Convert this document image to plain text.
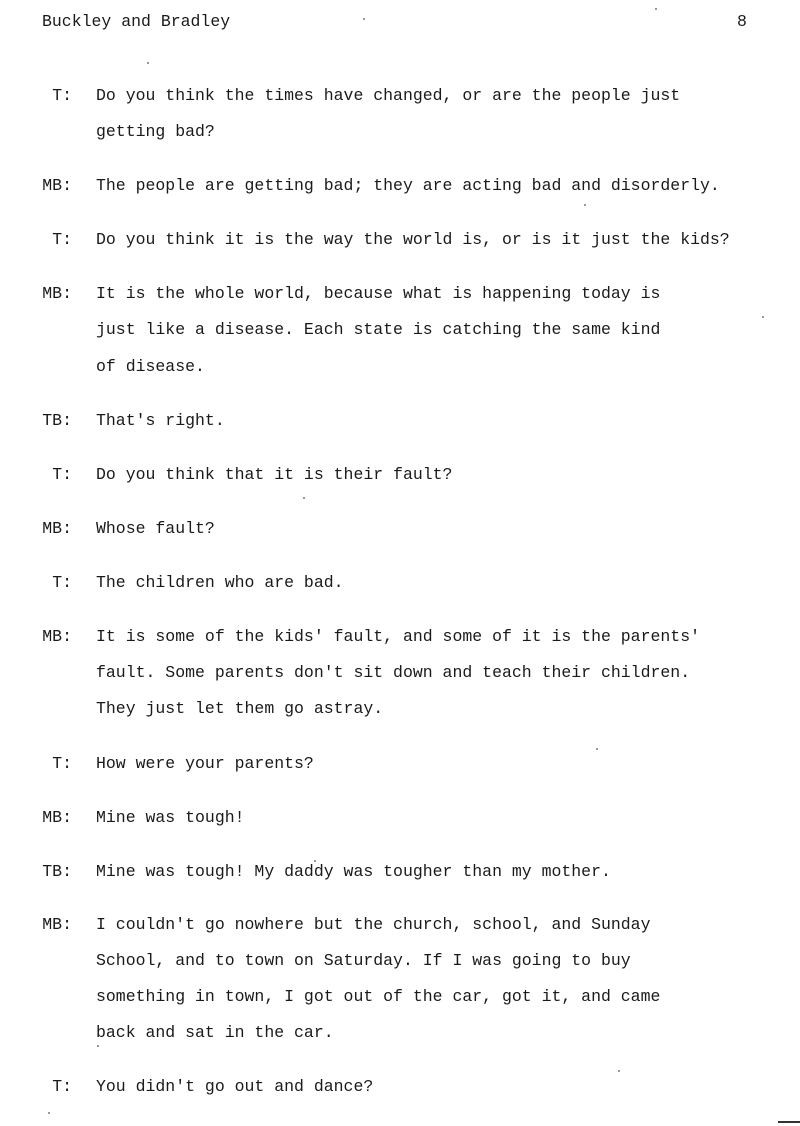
Buckley and Bradley	8
T: Do you think the times have changed, or are the people just
getting bad?
MB: The people are getting bad; they are acting bad and disorderly.
T: Do you think it is the way the world is, or is it just the kids?
MB: It is the whole world, because what is happening today is
just like a disease. Each state is catching the same kind
of disease.
TB: That's right.
T: Do you think that it is their fault?
MB: Whose fault?
T: The children who are bad.
MB: It is some of the kids' fault, and some of it is the parents'
fault. Some parents don't sit down and teach their children.
They just let them go astray.
T: How were your parents?
MB: Mine was tough!
TB: Mine was tough! My daddy was tougher than my mother.
MB: I couldn't go nowhere but the church, school, and Sunday
School, and to town on Saturday. If I was going to buy
something in town, I got out of the car, got it, and came
back and sat in the car.
T: You didn't go out and dance?
